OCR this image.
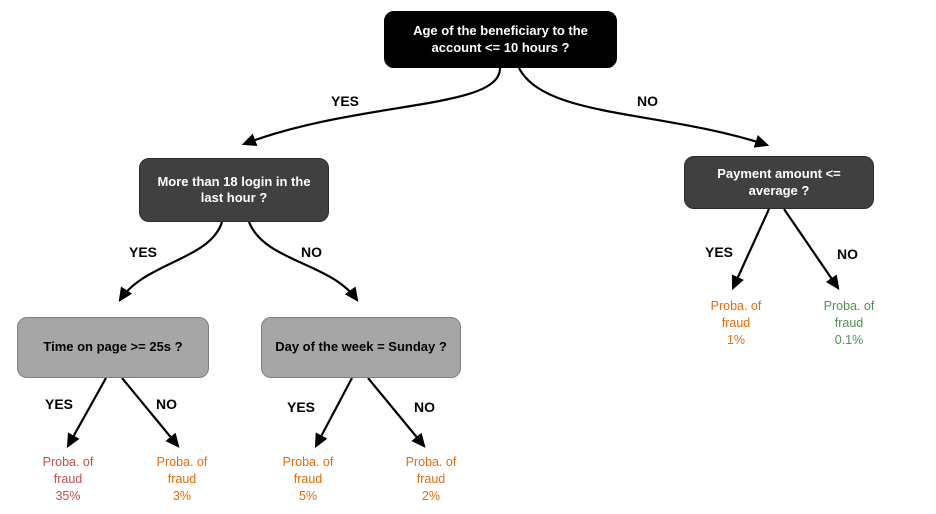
Age of the beneficiary to the account <= 10 hours ?
More than 18 login in the last hour ?
Payment amount <= average ?
Time on page >= 25s ?	Day of the week = Sunday ?
YES	NO
YES	NO	YES	NO
YES	NO	YES	NO
Proba. of
fraud
35%
Proba. of
fraud
3%
Proba. of
fraud
5%
Proba. of
fraud
2%
Proba. of
fraud
1%
Proba. of
fraud
0.1%
